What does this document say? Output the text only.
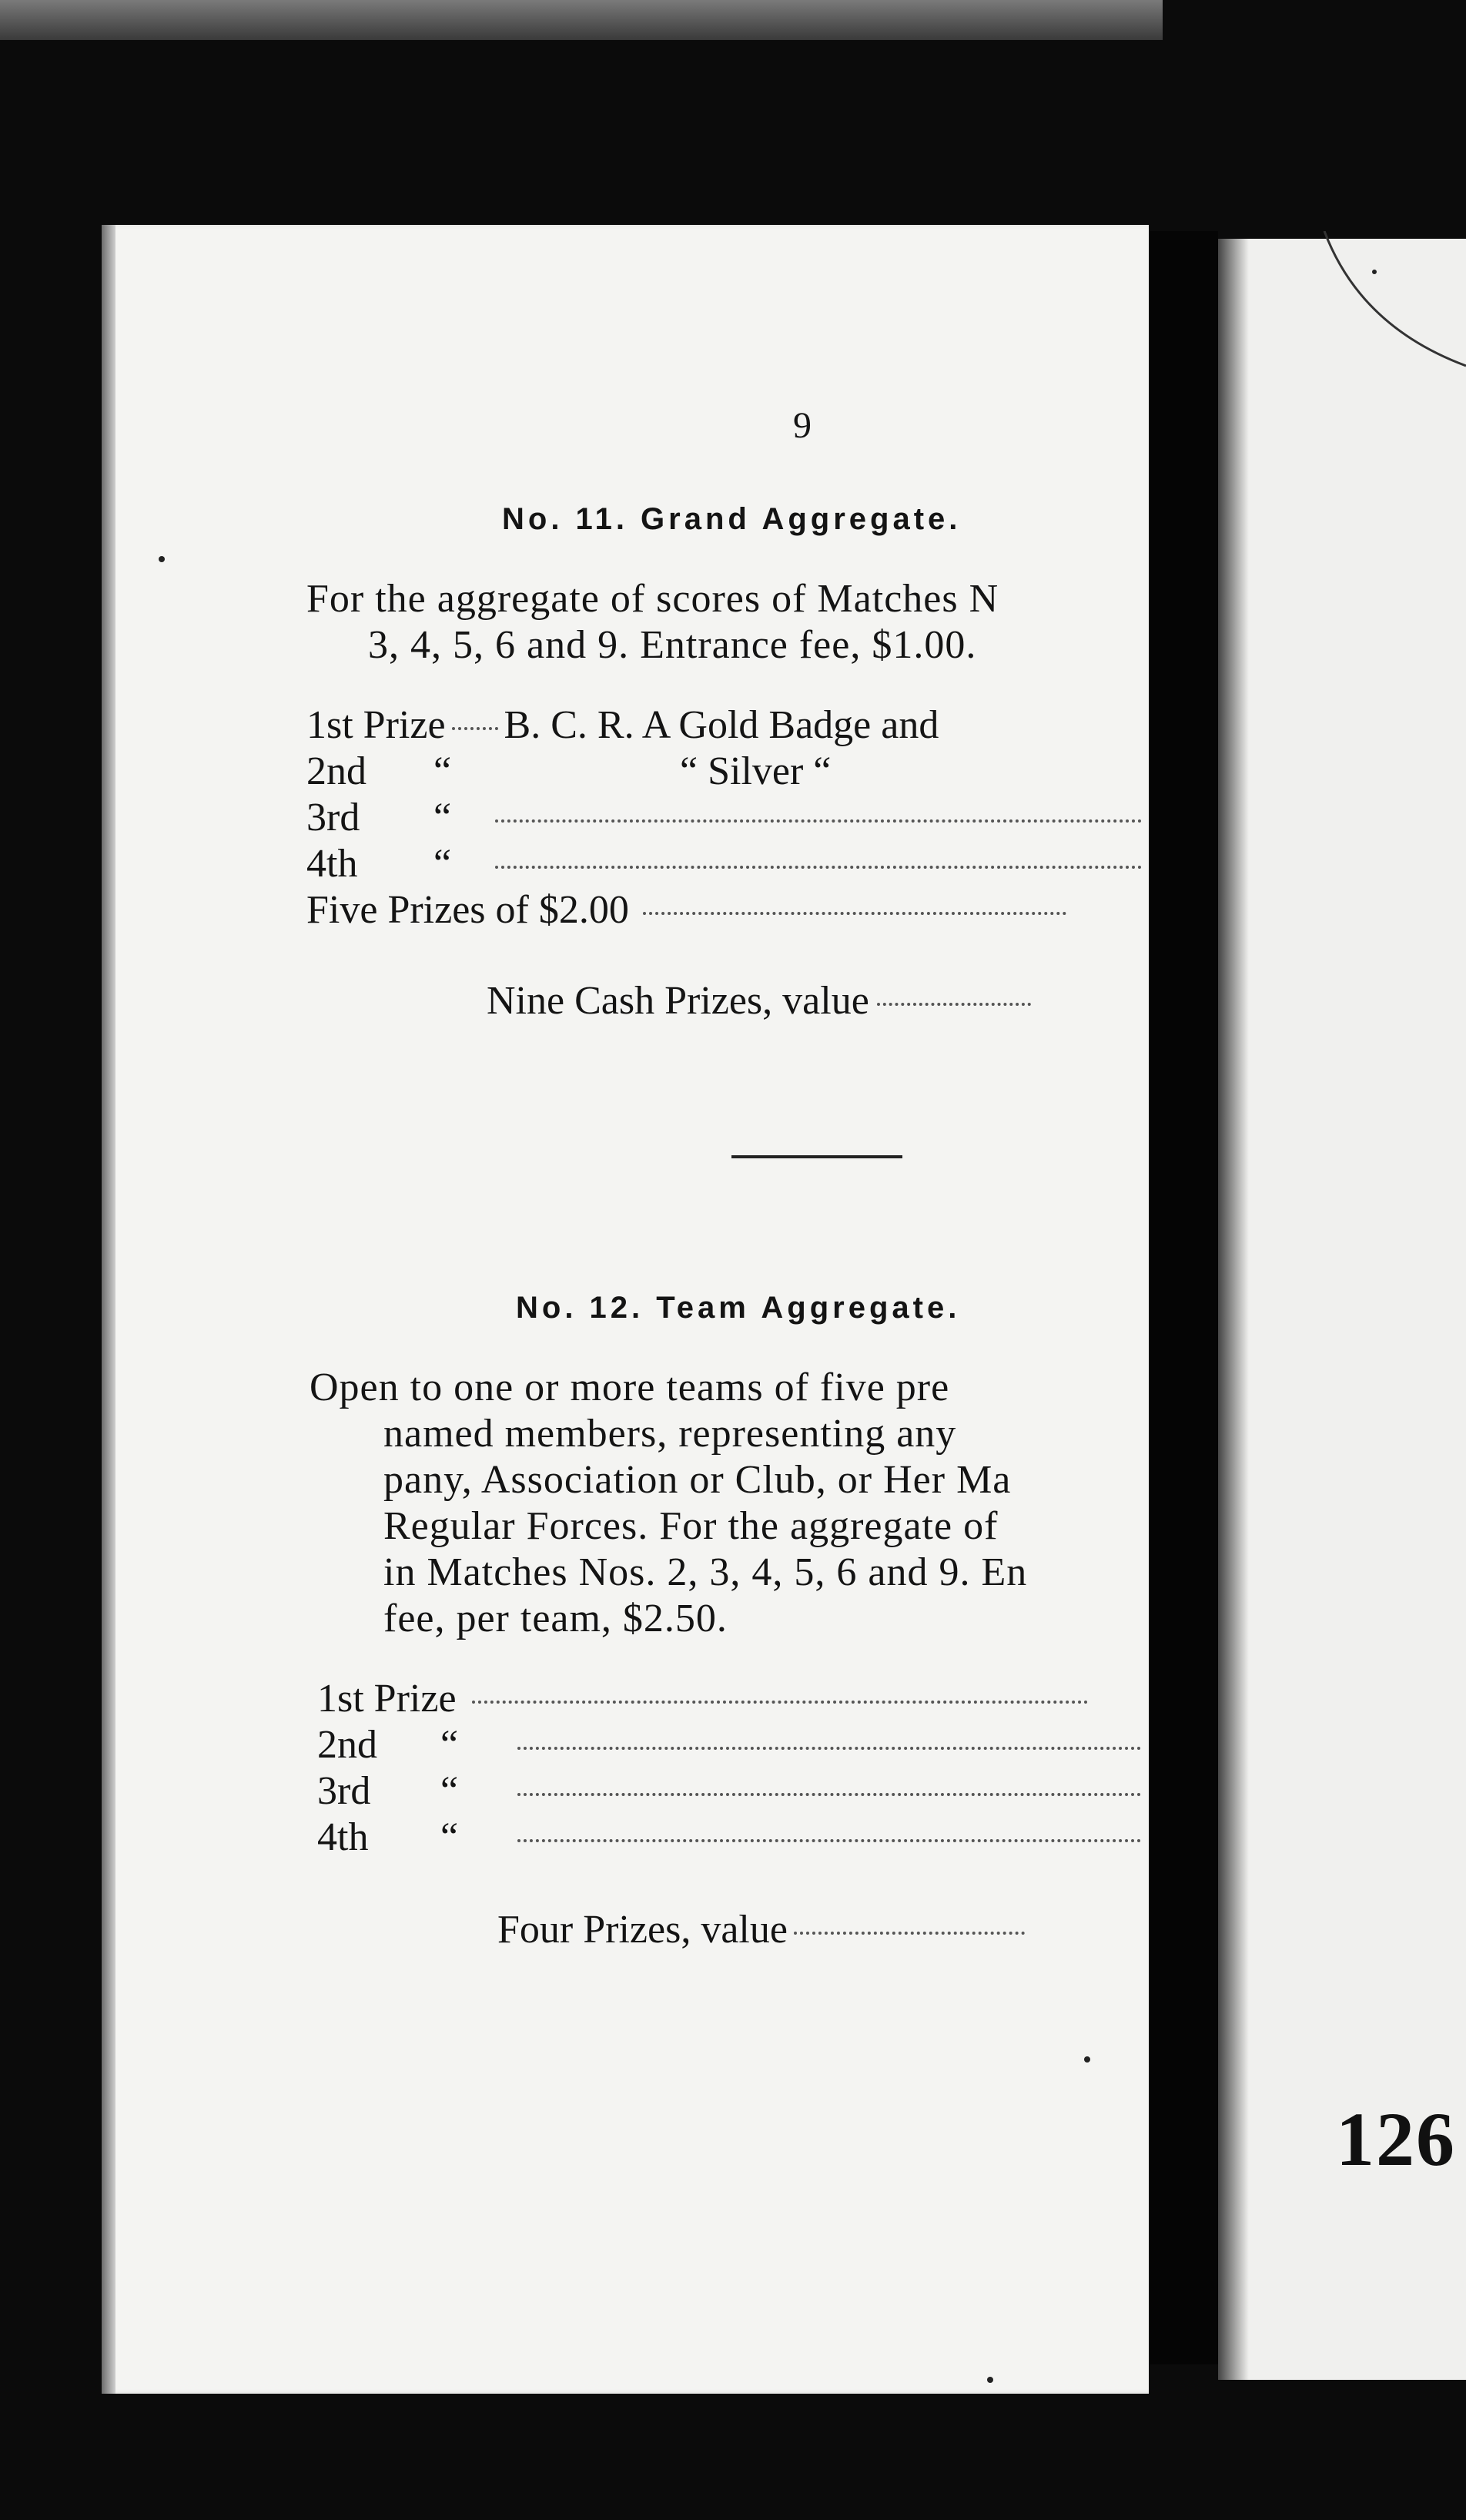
126
9
No. 11. Grand Aggregate.
For the aggregate of scores of Matches N
3, 4, 5, 6 and 9. Entrance fee, $1.00.
1st Prize B. C. R. A Gold Badge and
2nd	“	“ Silver “
3rd	“
4th	“
Five Prizes of $2.00
Nine Cash Prizes, value
No. 12. Team Aggregate.
Open to one or more teams of five pre
named members, representing any
pany, Association or Club, or Her Ma
Regular Forces. For the aggregate of
in Matches Nos. 2, 3, 4, 5, 6 and 9. En
fee, per team, $2.50.
1st Prize
2nd	“
3rd	“
4th	“
Four Prizes, value
